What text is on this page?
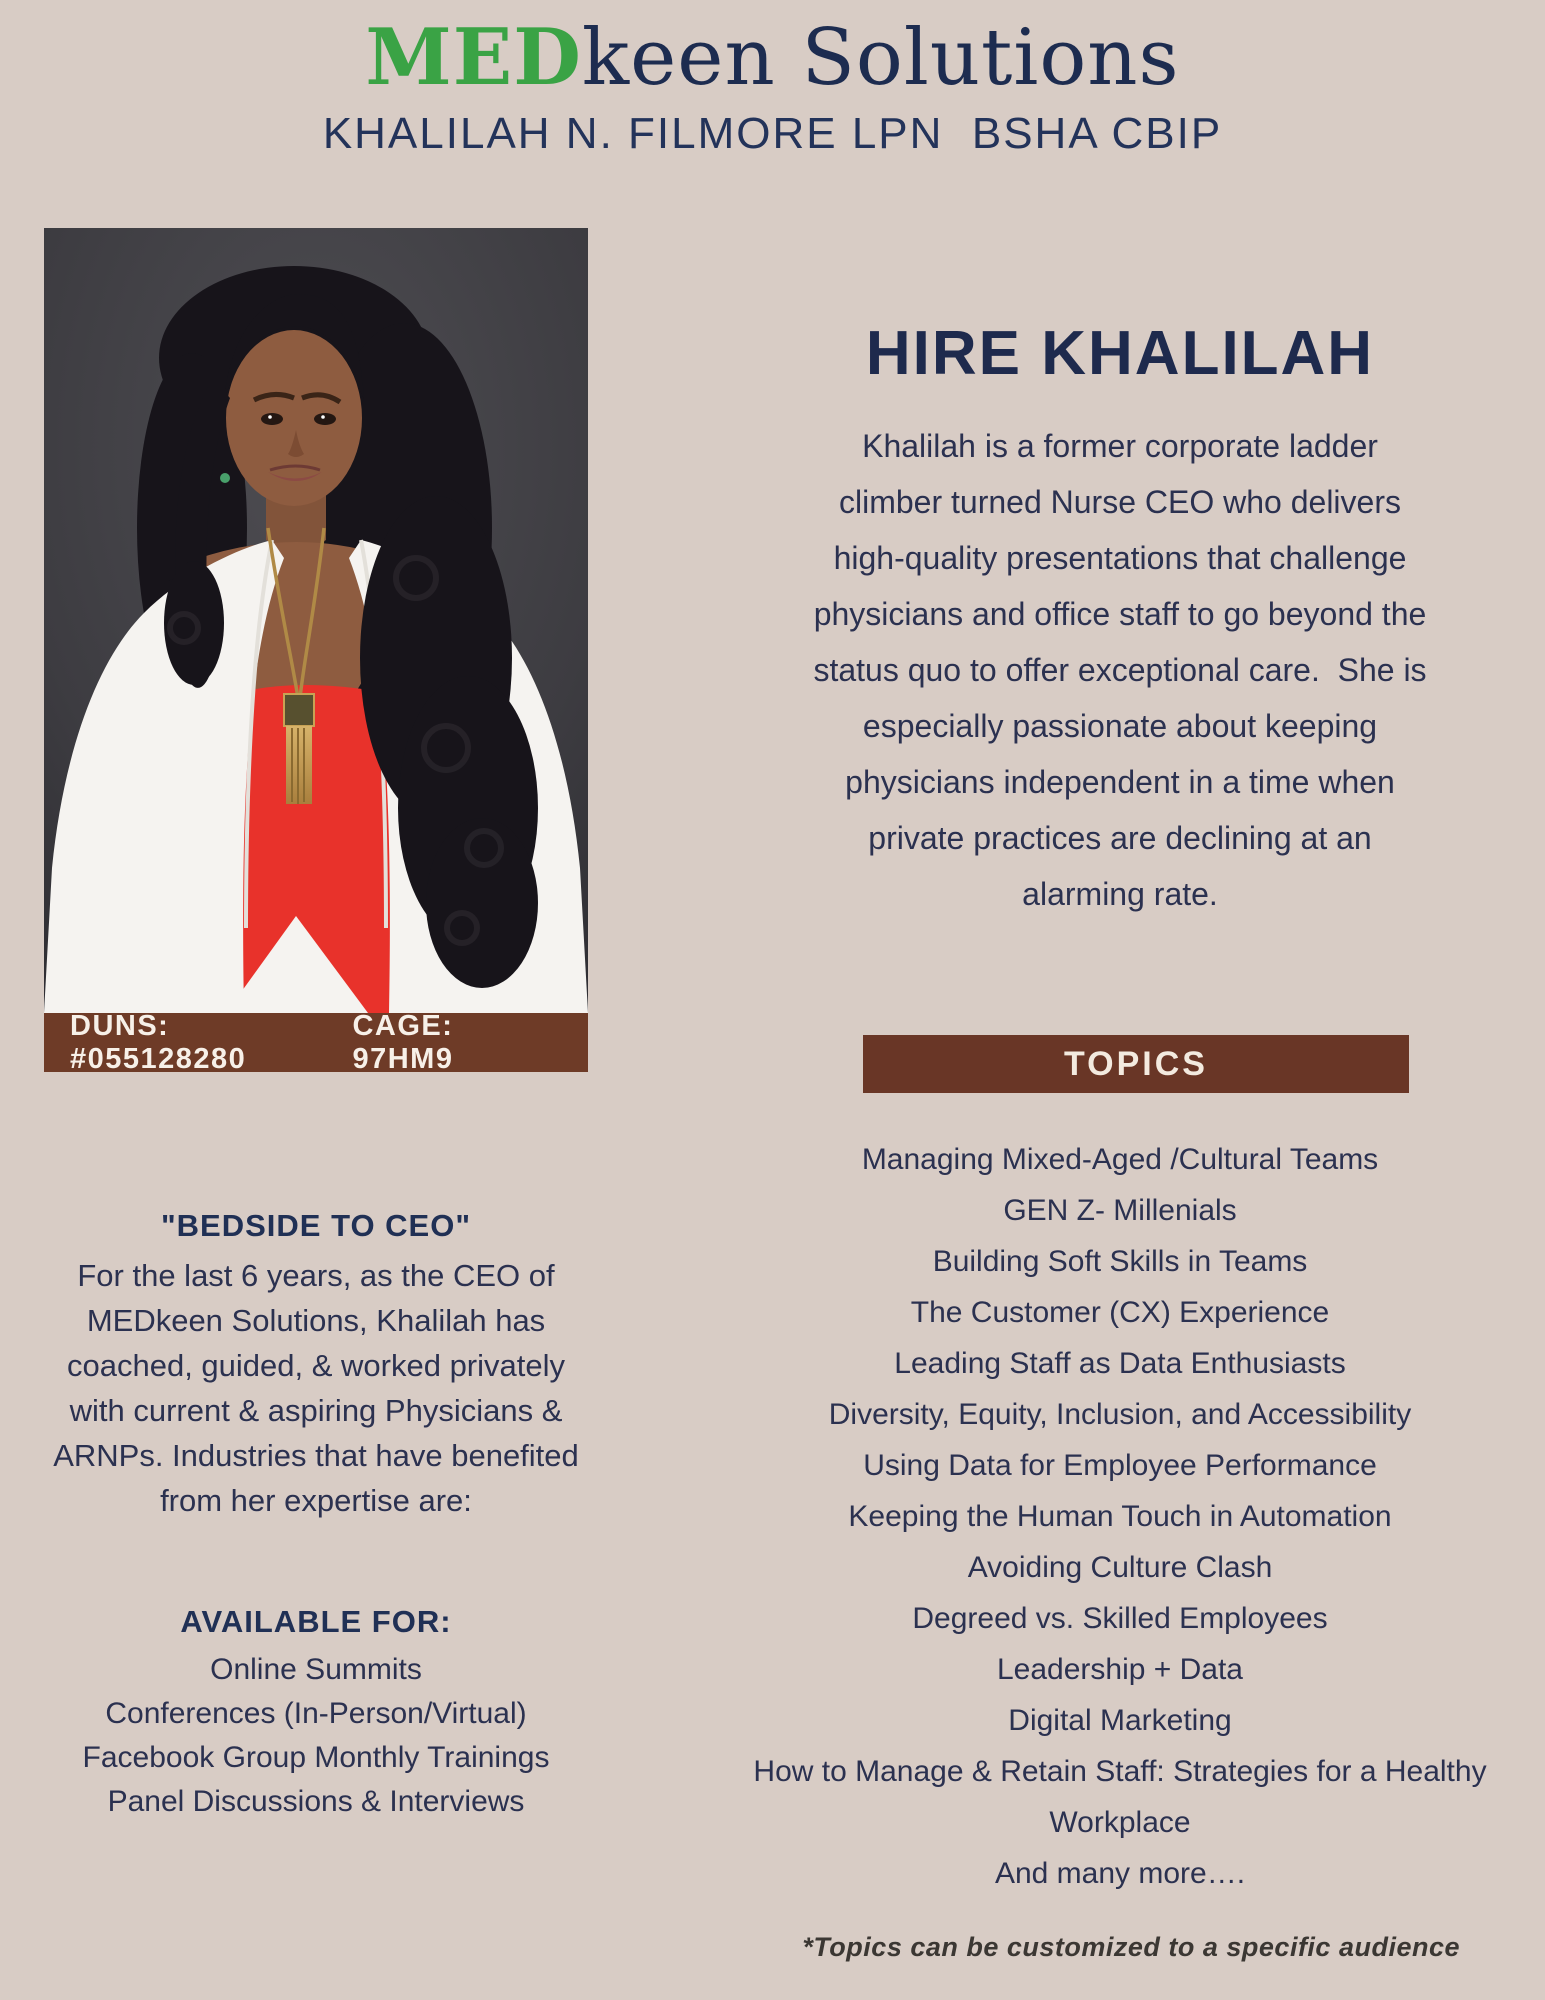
MEDkeen Solutions
KHALILAH N. FILMORE LPN  BSHA CBIP
DUNS: #055128280
CAGE: 97HM9
HIRE KHALILAH
Khalilah is a former corporate ladder
climber turned Nurse CEO who delivers
high-quality presentations that challenge
physicians and office staff to go beyond the
status quo to offer exceptional care.  She is
especially passionate about keeping
physicians independent in a time when
private practices are declining at an
alarming rate.
TOPICS
Managing Mixed-Aged /Cultural Teams
GEN Z- Millenials
Building Soft Skills in Teams
The Customer (CX) Experience
Leading Staff as Data Enthusiasts
Diversity, Equity, Inclusion, and Accessibility
Using Data for Employee Performance
Keeping the Human Touch in Automation
Avoiding Culture Clash
Degreed vs. Skilled Employees
Leadership + Data
Digital Marketing
How to Manage & Retain Staff: Strategies for a Healthy Workplace
And many more….
"BEDSIDE TO CEO"
For the last 6 years, as the CEO of
MEDkeen Solutions, Khalilah has
coached, guided, & worked privately
with current & aspiring Physicians &
ARNPs. Industries that have benefited
from her expertise are:
AVAILABLE FOR:
Online Summits
Conferences (In-Person/Virtual)
Facebook Group Monthly Trainings
Panel Discussions & Interviews
*Topics can be customized to a specific audience
